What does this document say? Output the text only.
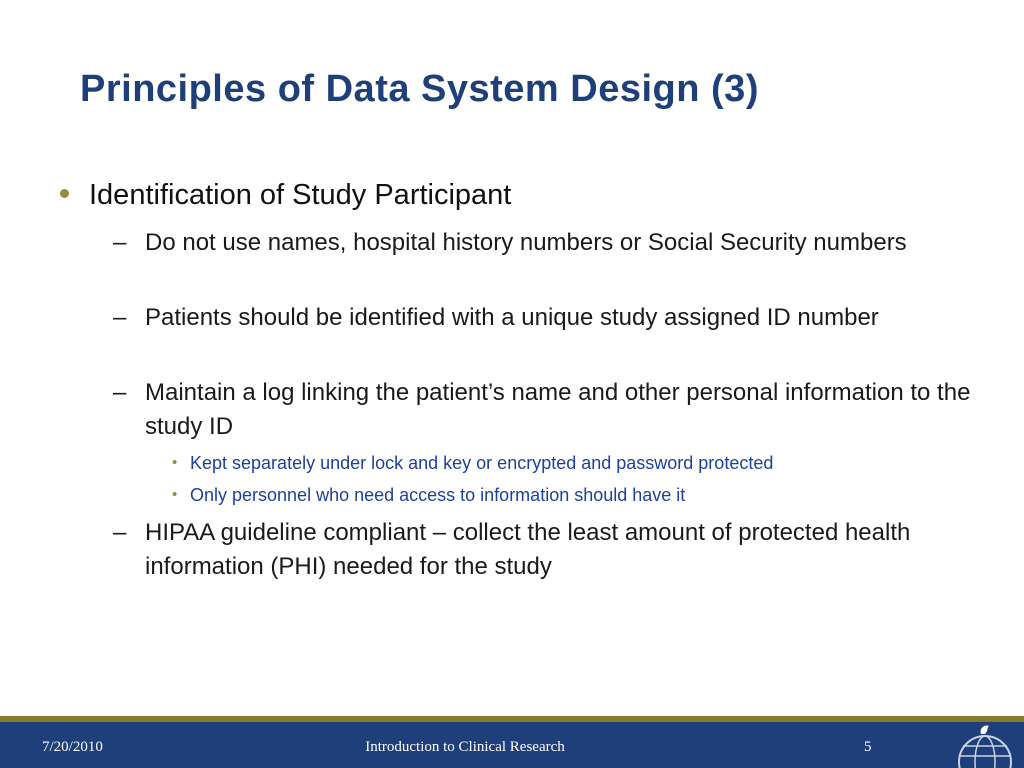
Principles of Data System Design (3)
Identification of Study Participant
– Do not use names, hospital history numbers or Social Security numbers
– Patients should be identified with a unique study assigned ID number
– Maintain a log linking the patient’s name and other personal information to the study ID
• Kept separately under lock and key or encrypted and password protected
• Only personnel who need access to information should have it
– HIPAA guideline compliant – collect the least amount of protected health information (PHI) needed for the study
7/20/2010	Introduction to Clinical Research	5
